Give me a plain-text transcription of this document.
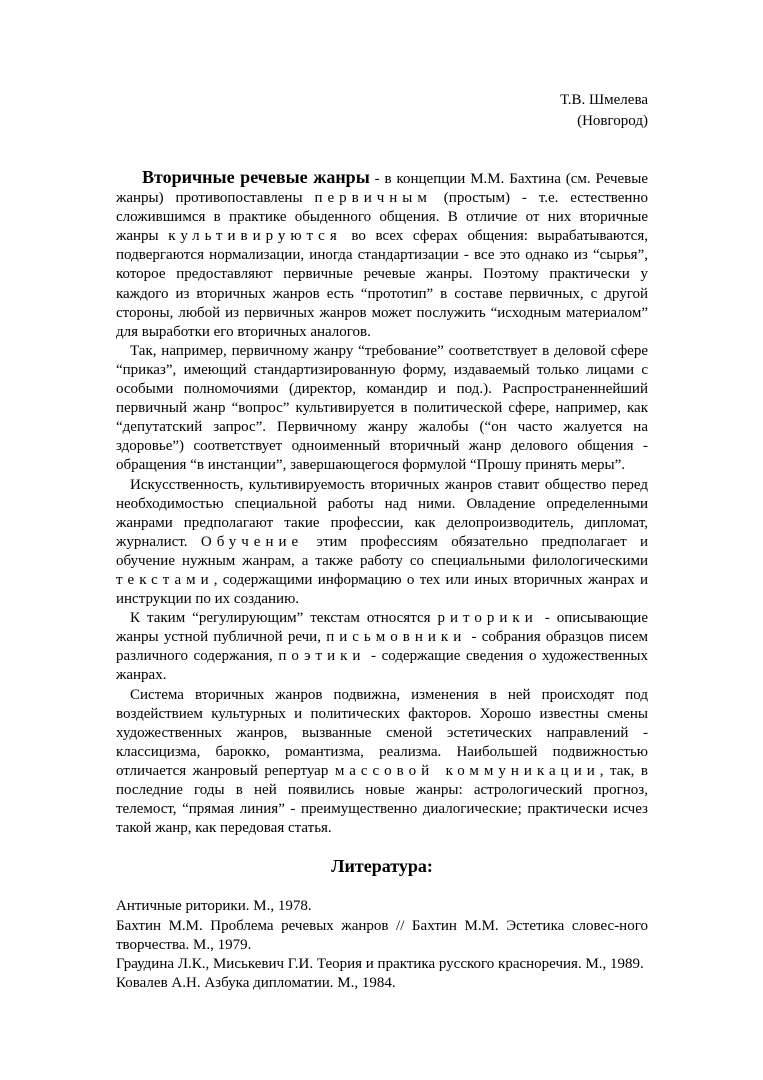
Т.В. Шмелева
(Новгород)

Вторичные речевые жанры - в концепции М.М. Бахтина (см. Речевые жанры) противопоставлены первичным (простым) - т.е. естественно сложившимся в практике обыденного общения. В отличие от них вторичные жанры культивируются во всех сферах общения: вырабатываются, подвергаются нормализации, иногда стандартизации - все это однако из “сырья”, которое предоставляют первичные речевые жанры. Поэтому практически у каждого из вторичных жанров есть “прототип” в составе первичных, с другой стороны, любой из первичных жанров может послужить “исходным материалом” для выработки его вторичных аналогов.

Так, например, первичному жанру “требование” соответствует в деловой сфере “приказ”, имеющий стандартизированную форму, издаваемый только лицами с особыми полномочиями (директор, командир и под.). Распространеннейший первичный жанр “вопрос” культивируется в политической сфере, например, как “депутатский запрос”. Первичному жанру жалобы (“он часто жалуется на здоровье”) соответствует одноименный вторичный жанр делового общения - обращения “в инстанции”, завершающегося формулой “Прошу принять меры”.

Искусственность, культивируемость вторичных жанров ставит общество перед необходимостью специальной работы над ними. Овладение определенными жанрами предполагают такие профессии, как делопроизводитель, дипломат, журналист. Обучение этим профессиям обязательно предполагает и обучение нужным жанрам, а также работу со специальными филологическими текстами, содержащими информацию о тех или иных вторичных жанрах и инструкции по их созданию.

К таким “регулирующим” текстам относятся риторики - описывающие жанры устной публичной речи, письмовники - собрания образцов писем различного содержания, поэтики - содержащие сведения о художественных жанрах.

Система вторичных жанров подвижна, изменения в ней происходят под воздействием культурных и политических факторов. Хорошо известны смены художественных жанров, вызванные сменой эстетических направлений - классицизма, барокко, романтизма, реализма. Наибольшей подвижностью отличается жанровый репертуар массовой коммуникации, так, в последние годы в ней появились новые жанры: астрологический прогноз, телемост, “прямая линия” - преимущественно диалогические; практически исчез такой жанр, как передовая статья.

Литература:
Античные риторики. М., 1978.
Бахтин М.М. Проблема речевых жанров // Бахтин М.М. Эстетика словес-ного творчества. М., 1979.
Граудина Л.К., Миськевич Г.И. Теория и практика русского красноречия. М., 1989.
Ковалев А.Н. Азбука дипломатии. М., 1984.
